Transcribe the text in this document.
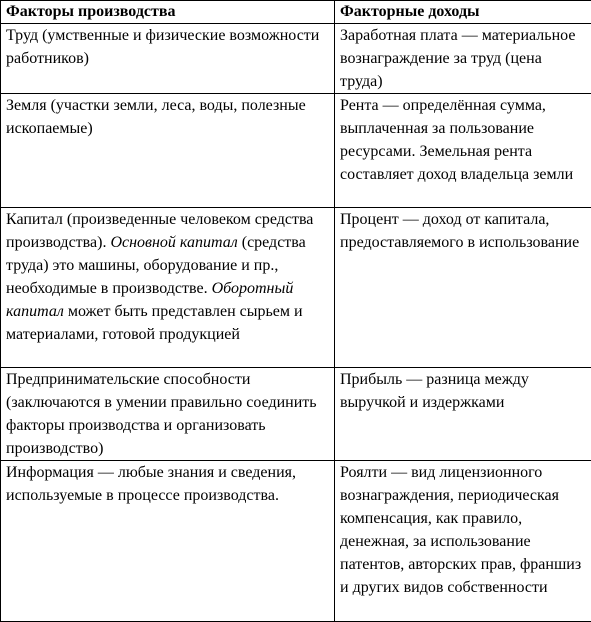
Факторы производства	Факторные доходы
Труд (умственные и физические возможности работников)	Заработная плата — материальное вознаграждение за труд (цена труда)
Земля (участки земли, леса, воды, полезные ископаемые)	Рента — определённая сумма, выплаченная за пользование ресурсами. Земельная рента составляет доход владельца земли
Капитал (произведенные человеком средства производства). Основной капитал (средства труда) это машины, оборудование и пр., необходимые в производстве. Оборотный капитал может быть представлен сырьем и материалами, готовой продукцией	Процент — доход от капитала, предоставляемого в использование
Предпринимательские способности (заключаются в умении правильно соединить факторы производства и организовать производство)	Прибыль — разница между выручкой и издержками
Информация — любые знания и сведения, используемые в процессе производства.	Роялти — вид лицензионного вознаграждения, периодическая компенсация, как правило, денежная, за использование патентов, авторских прав, франшиз и других видов собственности
